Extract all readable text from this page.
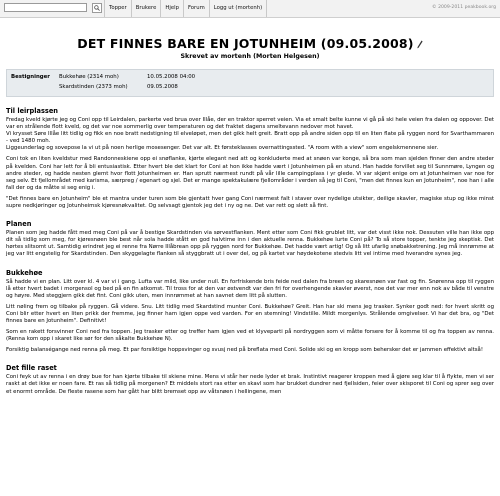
Topper	Brukere	Hjelp	Forum	Logg ut (mortenh)	© 2009-2011 peakbook.org
DET FINNES BARE EN JOTUNHEIM (09.05.2008)
Skrevet av mortenh (Morten Helgesen)
Bestigninger Bukkehøe (2314 moh)	10.05.2008 04:00
Skardstinden (2373 moh)	09.05.2008
Til leirplassen

Fredag kveld kjørte jeg og Coni opp til Leirdalen, parkerte ved brua over Illåe, der en traktor sperret veien. Via et smalt belte kunne vi gå på ski hele veien fra dalen og oppover. Det var en strålende flott kveld, og det var noe sommerlig over temperaturen og det fraktet dagens smeltevann nedover mot havet.

Vi krysset Søre Illåe litt tidlig og fikk en noe bratt nedstigning til elveløpet, men det gikk helt greit. Bratt opp på andre siden opp til en liten flate på ryggen nord for Svarthammaren - ved 1480 moh.

Liggeunderlag og soveposе la vi ut på noen herlige mosesenger. Det var alt. Et førsteklasses overnattingssted. "A room with a view" som engelskmennene sier.

Coni tok en liten kveldstur med Randonneskiene opp ei snøflanke, kjørte elegant ned att og konkluderte med at snøen var konge, så bra som man sjelden finner den andre steder på kvelden. Coni har lett for å bli entusiastisk. Etter hvert ble det klart for Coni at hon ikke hadde vært i Jotunheimen på en stund. Han hadde forvillet seg til Sunnmøre, Lyngen og andre steder, og hadde nesten glemt hvor flott Jotunheimen er. Han sprutt nærmest rundt på vår lille campingplass i yr glede. Vi var skjønt enige om at Jotunheimen var noe for seg selv. Et fjellområdet med karisma, særpreg / egenart og sjel. Det er mange spektakulære fjellområder i verden så jeg til Coni, "men det finnes kun en Jotunheim", noe han i alle fall der og da måtte si seg enig i.

"Det finnes bare en Jotunheim" ble et mantra under turen som ble gjentatt hver gang Coni nærmest falt i staver over nydelige utsikter, deilige skavler, magiske stup og ikke minst supre nedkjøringer og Jotunheimsk kjøresnøkvalitet. Og selvsagt gjentok jeg det i ny og ne. Det var rett og slett så fint.

Planen

Planen som jeg hadde fått med meg Coni på var å bestige Skardstinden via sørvestflanken. Ment etter som Coni fikk grublet litt, var det visst ikke nok. Dessuten ville han ikke opp dit så tidlig som meg, for kjøresnøen ble best når sola hadde stått en god halvtime inn i den aktuelle renna. Bukkehøe lurte Coni på? To så store topper, tenkte jeg skeptisk. Det hørtes slitsomt ut. Samtidig erindret jeg ei renne fra Nørre Illåbrean opp på ryggen nord for Bukkehøe. Det hadde vært artig! Og så litt ufarlig snøbakketrening. Jeg må innrømme at jeg var litt engstelig for Skardstinden. Den skyggelagte flanken så styggbratt ut i over del, og på kartet var høydekotene stedvis litt vel intime med hverandre synes jeg.

Bukkehøe

Så hadde vi en plan. Litt over kl. 4 var vi i gang. Lufta var mild, like under null. En forfriskende bris feide ned dalen fra breen og skaresnøen var fast og fin. Snørenna opp til ryggen lå etter hvert badet i morgensol og bed på en fin atkomst. Til tross for at den var østvendt var den fri for overhengende skavler øverst, noe det var mer enn nok av både til venstre og høyre. Med steggjern gikk det fint. Coni gikk uten, men innrømmet at han savnet dem litt på slutten.

Litt nøling frem og tilbake på ryggen. Gå videre. Snu. Litt tidlig med Skardstind munter Coni. Bukkehøe? Greit. Han har ski mens jeg trasker. Synker godt ned: for hvert skritt og Coni blir etter hvert en liten prikk der fremme, jeg finner ham igjen oppe ved varden. For en stemning! Vindstille. Mildt morgenlys. Strålende omgivelser. Vi har det bra, og "Det finnes bare en Jotunheim". Definitivt!

Som en rakett forsvinner Coni ned fra toppen. Jeg trasker etter og treffer ham igjen ved et klyveparti på nordryggen som vi måtte forsere for å komme til og fra toppen av renna. (Renna kom opp i skaret like sør for den såkalte Bukkehøe N).

Forsiktig balanségange ned renna på meg. Et par forsiktige hoppsvinger og svusj ned på breflata med Coni. Solide ski og en kropp som behersker det er jammen effektivt altså!

Det fille raset

Coni feyk ut av renna i en drøy bue for han kjørte tilbake til skiene mine. Mens vi står her nede lyder et brak. Instintivt reagerer kroppen med å gjøre seg klar til å flykte, men vi ser raskt at det ikke er noen fare. Et ras så tidlig på morgenen? Et middels stort ras etter en skavl som har brukket dundrer ned fjellsiden, feier over skisporet til Coni og sprer seg over et enormt område. De fleste rasene som har gått har blitt bremset opp av våtsnøen i hellingene, men
